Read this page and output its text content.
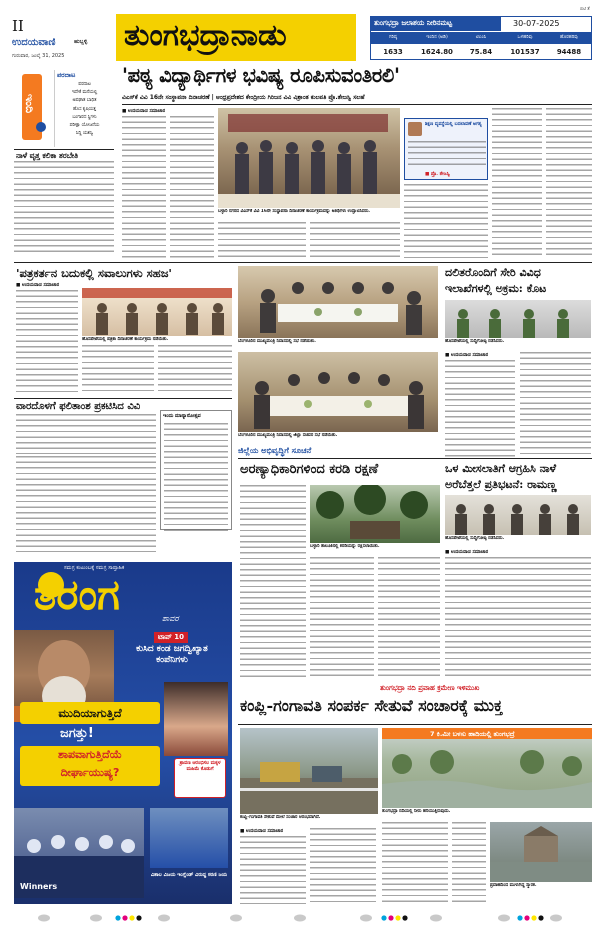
II
ಉದಯವಾಣಿ	ಹುಬ್ಬಳ್ಳಿ
ಗುರುವಾರ, ಜುಲೈ 31, 2025
ತುಂಗಭದ್ರಾನಾಡು	ತುಂಗಭದ್ರಾ ಜಲಾಶಯ ನೀರಿನಮಟ್ಟ	30-07-2025
ಗರಿಷ್ಠ	ಇಂದಿನ (ಅಡಿ)	ಟಿಎಂಸಿ	ಒಳಹರಿವು	ಹೊರಹರಿವು
1633	1624.80	75.84	101537	94488
ಬಿಟಿ ತೆ
ಇಂದಿ
ಪರದಾಟ
ಪರದಾಟ
ಇದೇಕೆ ಮನೆಯಲ್ಲಿ
ಅಪಘಾತ ಬಾಧಿತ
ಹೊಸ ಕೃಷಿಯತ್ತ
ಬಂಗಾರದ ಸ್ಥಿಗಳು
ಪರೀಕ್ಷಾ ಯೋಜನೆಯ
ಸಿದ್ದಿ ಯಶಸ್ವಿ
ನಾಳೆ ವೃತ್ತ ಕಲಿಕಾ ತರಬೇತಿ
'ಪಠ್ಯ ವಿದ್ಯಾರ್ಥಿಗಳ ಭವಿಷ್ಯ ರೂಪಿಸುವಂತಿರಲಿ'
ವಿಎಸ್‌ಕೆ ವಿವಿ 16ನೇ ಸಂಸ್ಥಾಪನಾ ದಿನಾಚರಣೆ | ಆಂಧ್ರಪ್ರದೇಶದ ಕೇಂದ್ರೀಯ ಗಿರಿಜನ ವಿವಿ ವಿಶ್ರಾಂತ ಕುಲಪತಿ ಪ್ರೊ.ತೇಜಸ್ವಿ ಸಲಹೆ
■ ಉದಯವಾಣಿ ಸಮಾಚಾರ
ಬಳ್ಳಾರಿ ನಗರದ ವಿಎಸ್‌ಕೆ ವಿವಿ 16ನೇ ಸಂಸ್ಥಾಪನಾ ದಿನಾಚರಣೆ ಕಾರ್ಯಕ್ರಮವನ್ನು ಅತಿಥಿಗಳು ಉದ್ಘಾಟಿಸಿದರು.
ಶಿಕ್ಷಣ ವ್ಯವಸ್ಥೆಯಲ್ಲಿ ಬದಲಾವಣೆ ಅಗತ್ಯ
■ ಪ್ರೊ. ತೇಜಸ್ವಿ
'ಪತ್ರಕರ್ತನ ಬದುಕಲ್ಲಿ ಸವಾಲುಗಳು ಸಹಜ'
■ ಉದಯವಾಣಿ ಸಮಾಚಾರ
ಹೊಸಪೇಟೆಯಲ್ಲಿ ಪತ್ರಿಕಾ ದಿನಾಚರಣೆ ಕಾರ್ಯಕ್ರಮ ನಡೆಯಿತು.
ವಾರದೊಳಗೆ ಫಲಿತಾಂಶ ಪ್ರಕಟಿಸಿದ ವಿವಿ
ಇಂದು ಮಾನ್ಯಾನೋತ್ಸವ
ಬೆಂಗಳೂರಿನ ಮುಖ್ಯಮಂತ್ರಿ ನಿವಾಸದಲ್ಲಿ ಸಭೆ ನಡೆಯಿತು.
ಬೆಂಗಳೂರಿನ ಮುಖ್ಯಮಂತ್ರಿ ನಿವಾಸದಲ್ಲಿ ಜಿಲ್ಲಾ ಸಚಿವರ ಸಭೆ ನಡೆಯಿತು.
ಜಿಲ್ಲೆಯ ಅಭಿವೃದ್ಧಿಗೆ ಸೂಚನೆ
ದಲಿತರೊಂದಿಗೆ ಸೇರಿ ವಿವಿಧ
ಇಲಾಖೆಗಳಲ್ಲಿ ಅಕ್ರಮ: ಕೊಟ
ಹೊಸಪೇಟೆಯಲ್ಲಿ ಸುದ್ದಿಗೋಷ್ಠಿ ನಡೆಸಿದರು.
■ ಉದಯವಾಣಿ ಸಮಾಚಾರ
ಅರಣ್ಯಾಧಿಕಾರಿಗಳಿಂದ ಕರಡಿ ರಕ್ಷಣೆ
ಬಳ್ಳಾರಿ ತಾಲೂಕಿನಲ್ಲಿ ಕರಡಿಯನ್ನು ರಕ್ಷಿಸಲಾಯಿತು.
ಒಳ ಮೀಸಲಾತಿಗೆ ಆಗ್ರಹಿಸಿ ನಾಳೆ
ಅರೆಬೆತ್ತಲೆ ಪ್ರತಿಭಟನೆ: ರಾಮಣ್ಣ
ಹೊಸಪೇಟೆಯಲ್ಲಿ ಸುದ್ದಿಗೋಷ್ಠಿ ನಡೆಸಿದರು.
■ ಉದಯವಾಣಿ ಸಮಾಚಾರ
ಸಮಗ್ರ ಕುಟುಂಬಕ್ಕೆ ಸಮಗ್ರ ಸಾಪ್ತಾಹಿಕ
ತರಂಗ	ಶಾವರ
ಟಾಪ್ 10
ಕುಸಿದ ಕಂಡ ಜಗದ್ವಿಖ್ಯಾತ ಕಂಪೆನಿಗಳು
ಮುದಿಯಾಗುತ್ತಿದೆ
ಜಗತ್ತು!
ಶಾಪವಾಗುತ್ತಿದೆಯೆ
ದೀರ್ಘಾಯುಷ್ಯ?
ಶ್ರಾವಣ ಆರಂಭಿಸಲ ಮಕ್ಕಳ ಮಹಿಮೆ ಕೊಡುಗೆ
Winners
ವಿಶಾಲ ವಿಜಯ ಇಂಗ್ಲೆಂಡ್ ವಿರುದ್ಧ ಸರಣಿ ಜಯ
ತುಂಗಭದ್ರಾ ನದಿ ಪ್ರವಾಹ ಕ್ರಮೇಣ ಇಳಿಮುಖ
ಕಂಪ್ಲಿ-ಗಂಗಾವತಿ ಸಂಪರ್ಕ ಸೇತುವೆ ಸಂಚಾರಕ್ಕೆ ಮುಕ್ತ
ಕಂಪ್ಲಿ-ಗಂಗಾವತಿ ಸೇತುವೆ ಮೇಲೆ ಸಂಚಾರ ಆರಂಭವಾಗಿದೆ.
7 ಕಿ.ಮೀ ಬಳಸು ಹಾದಿಯಲ್ಲಿ ತುಂಗಭದ್ರೆ
ತುಂಗಭದ್ರಾ ನದಿಯಲ್ಲಿ ನೀರು ಹರಿಯುತ್ತಿರುವುದು.
■ ಉದಯವಾಣಿ ಸಮಾಚಾರ
ಪ್ರವಾಹದಿಂದ ಮುಳುಗಿದ್ದ ಸ್ಮಾರಕ.
